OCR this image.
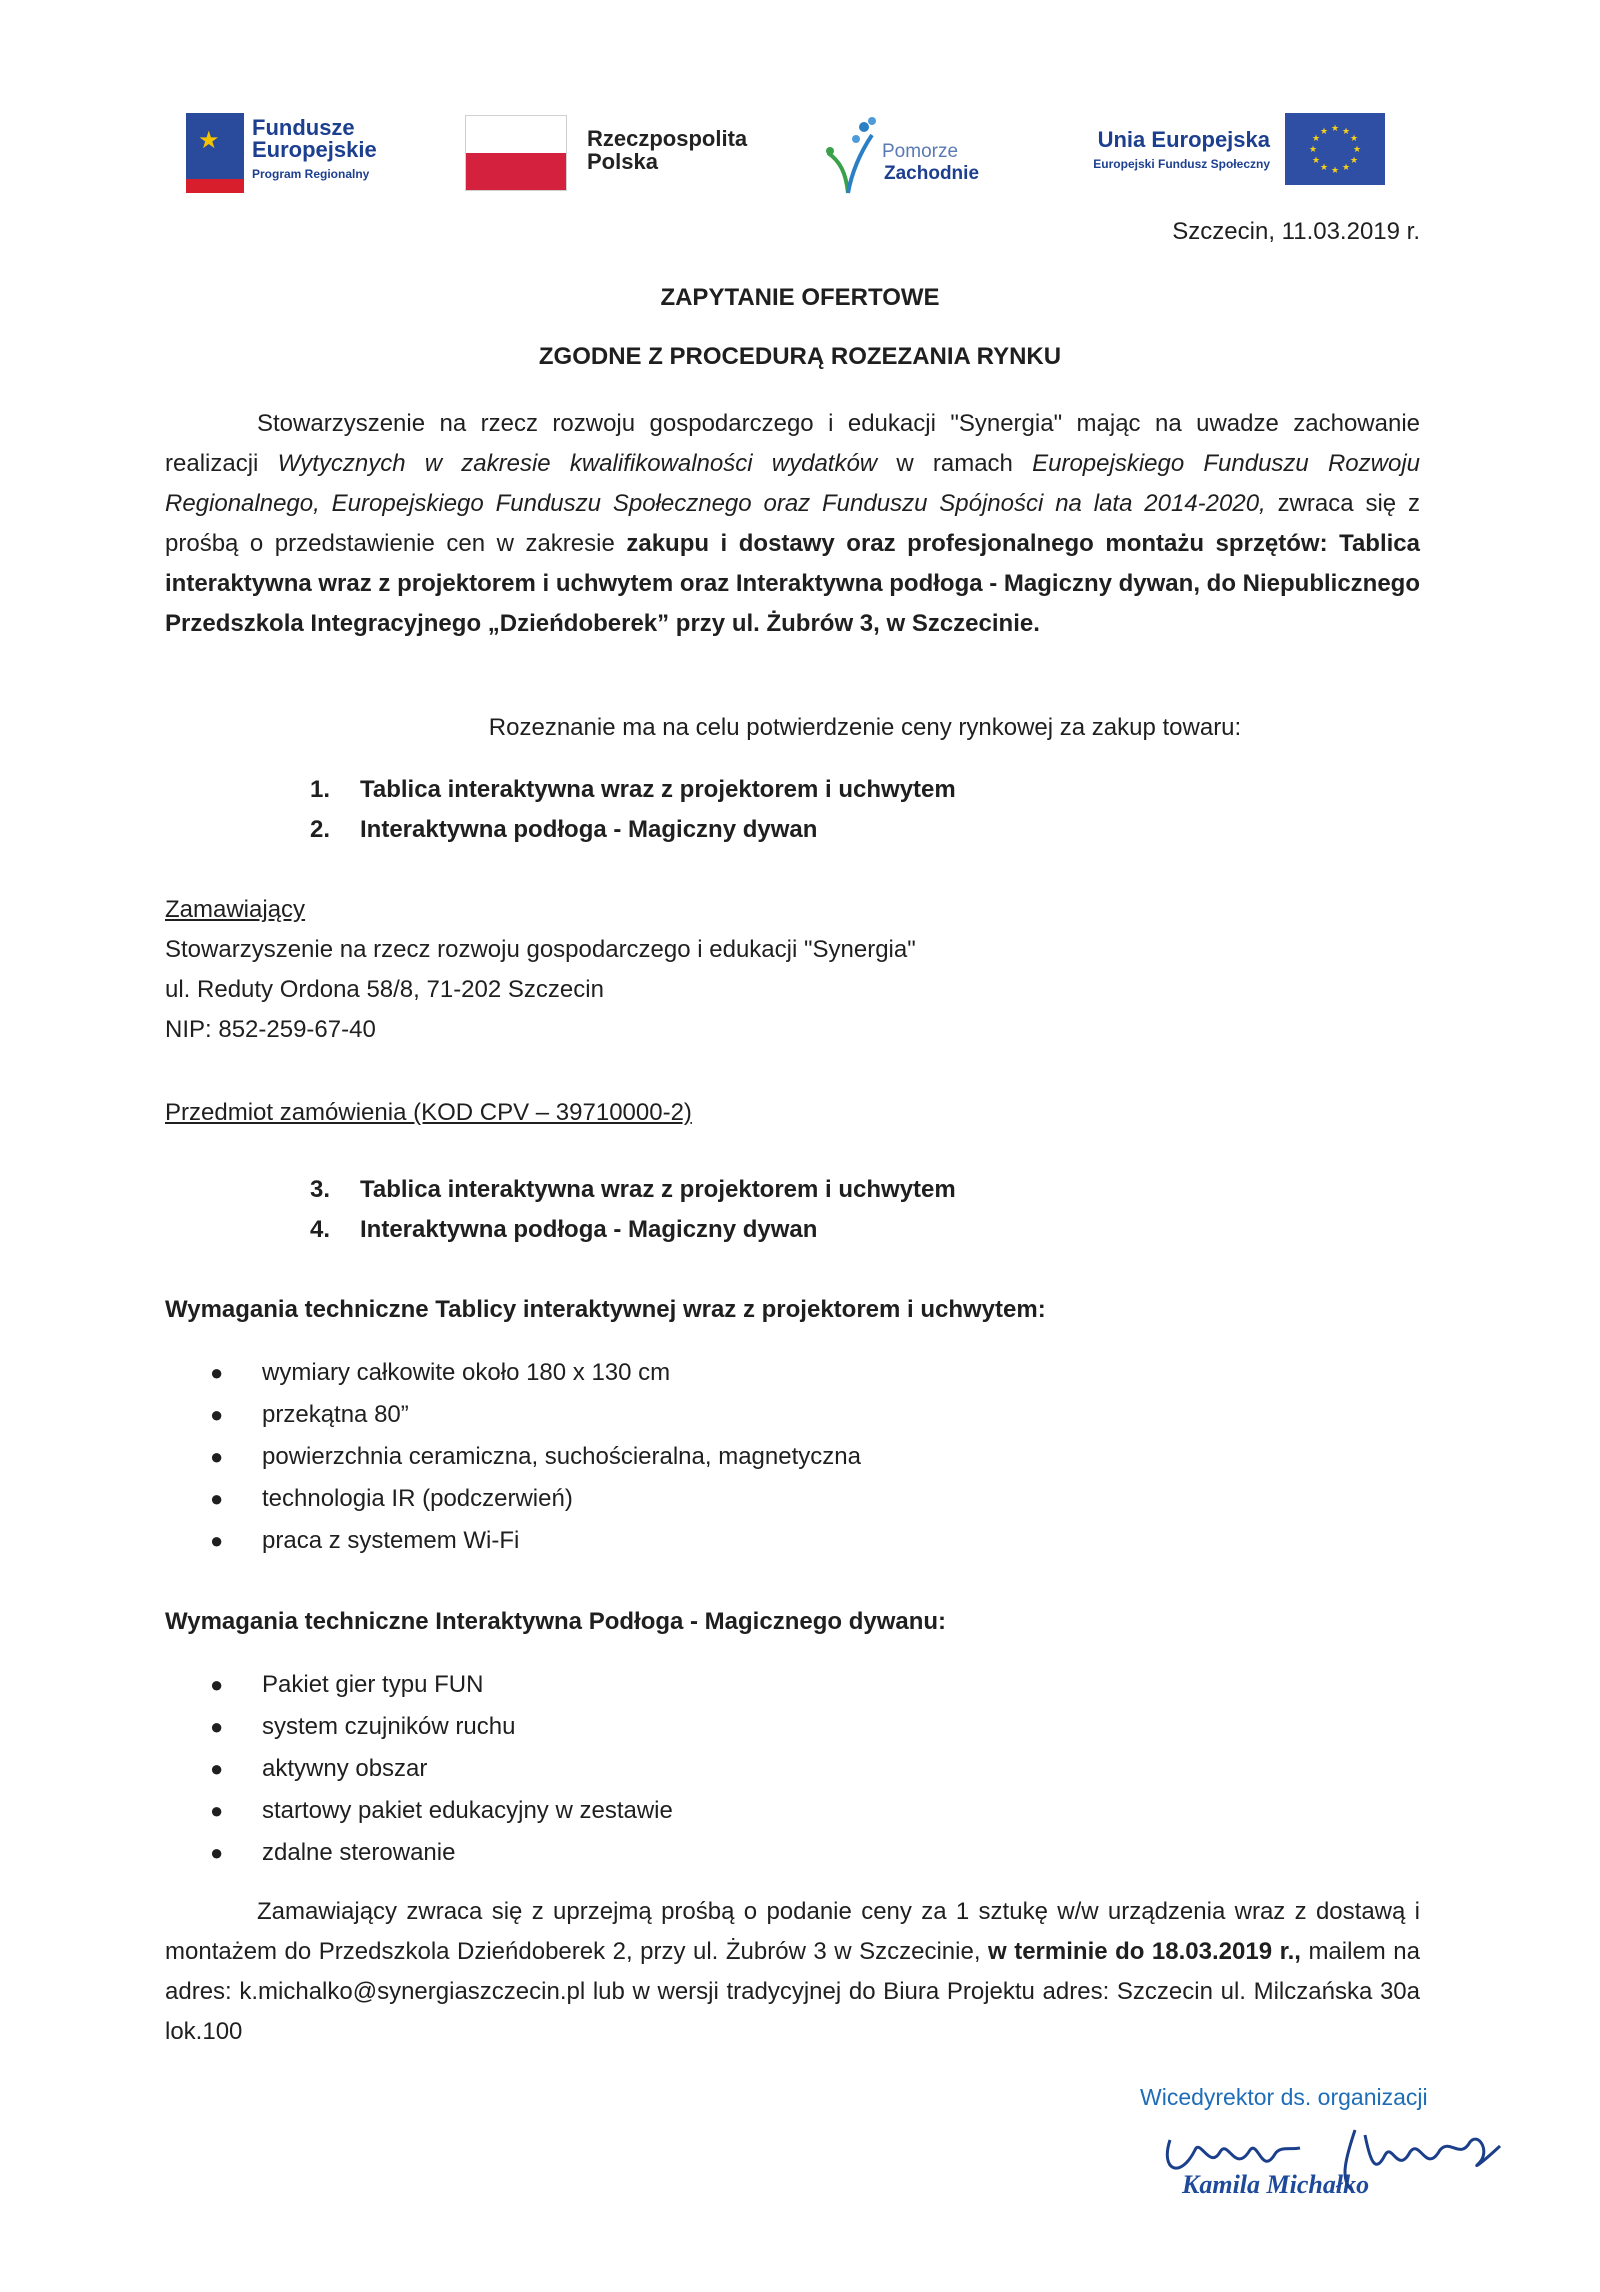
★ Fundusze
Europejskie
Program Regionalny
Rzeczpospolita
Polska	Pomorze
Zachodnie
Unia Europejska
Europejski Fundusz Społeczny
★ ★
★
★
★
★
★
★
★
★
★
★
Szczecin, 11.03.2019 r.
ZAPYTANIE OFERTOWE
ZGODNE Z PROCEDURĄ ROZEZANIA RYNKU
Stowarzyszenie na rzecz rozwoju gospodarczego i edukacji "Synergia" mając na uwadze zachowanie realizacji Wytycznych w zakresie kwalifikowalności wydatków w ramach Europejskiego Funduszu Rozwoju Regionalnego, Europejskiego Funduszu Społecznego oraz Funduszu Spójności na lata 2014-2020, zwraca się z prośbą o przedstawienie cen w zakresie zakupu i dostawy oraz profesjonalnego montażu sprzętów: Tablica interaktywna wraz z projektorem i uchwytem oraz Interaktywna podłoga - Magiczny dywan, do Niepublicznego Przedszkola Integracyjnego „Dzieńdoberek” przy ul. Żubrów 3, w Szczecinie.
Rozeznanie ma na celu potwierdzenie ceny rynkowej za zakup towaru:
1. Tablica interaktywna wraz z projektorem i uchwytem
2. Interaktywna podłoga - Magiczny dywan
Zamawiający
Stowarzyszenie na rzecz rozwoju gospodarczego i edukacji "Synergia"
ul. Reduty Ordona 58/8, 71-202 Szczecin
NIP: 852-259-67-40
Przedmiot zamówienia (KOD CPV – 39710000-2)
3. Tablica interaktywna wraz z projektorem i uchwytem
4. Interaktywna podłoga - Magiczny dywan
Wymagania techniczne Tablicy interaktywnej wraz z projektorem i uchwytem:
● wymiary całkowite około 180 x 130 cm
● przekątna 80”
● powierzchnia ceramiczna, suchościeralna, magnetyczna
● technologia IR (podczerwień)
● praca z systemem Wi-Fi
Wymagania techniczne Interaktywna Podłoga - Magicznego dywanu:
● Pakiet gier typu FUN
● system czujników ruchu
● aktywny obszar
● startowy pakiet edukacyjny w zestawie
● zdalne sterowanie
Zamawiający zwraca się z uprzejmą prośbą o podanie ceny za 1 sztukę w/w urządzenia wraz z dostawą i montażem do Przedszkola Dzieńdoberek 2, przy ul. Żubrów 3 w Szczecinie, w terminie do 18.03.2019 r., mailem na adres: k.michalko@synergiaszczecin.pl lub w wersji tradycyjnej do Biura Projektu adres: Szczecin ul. Milczańska 30a lok.100
Wicedyrektor ds. organizacji
Kamila Michałko
